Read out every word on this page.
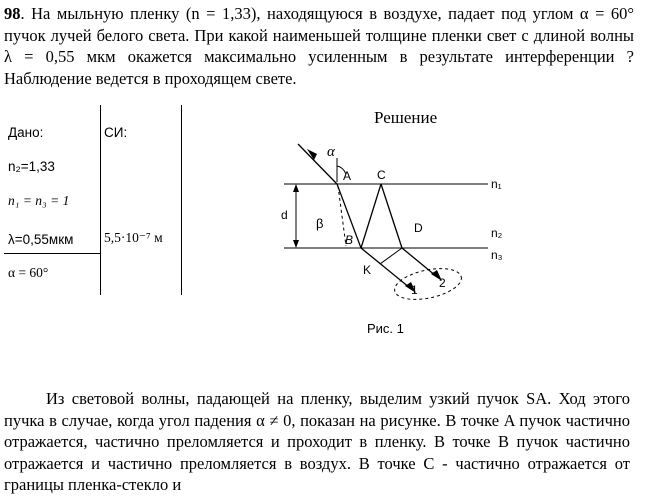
98. На мыльную пленку (n = 1,33), находящуюся в воздухе, падает под углом α = 60° пучок лучей белого света. При какой наименьшей толщине пленки свет с длиной волны λ = 0,55 мкм окажется максимально усиленным в результате интерференции ? Наблюдение ведется в проходящем свете.
Дано:	СИ:
n₂=1,33
n₁ = n₃ = 1
λ=0,55мкм 5,5·10⁻⁷ м
α = 60°
Решение
α
A C
n₁
d
β
B
D	n₂
n₃
K
1 2
Рис. 1
Из световой волны, падающей на пленку, выделим узкий пучок SA. Ход этого пучка в случае, когда угол падения α ≠ 0, показан на рисунке. В точке A пучок частично отражается, частично преломляется и проходит в пленку. В точке B пучок частично отражается и частично преломляется в воздух. В точке C - частично отражается от границы пленка-стекло и
